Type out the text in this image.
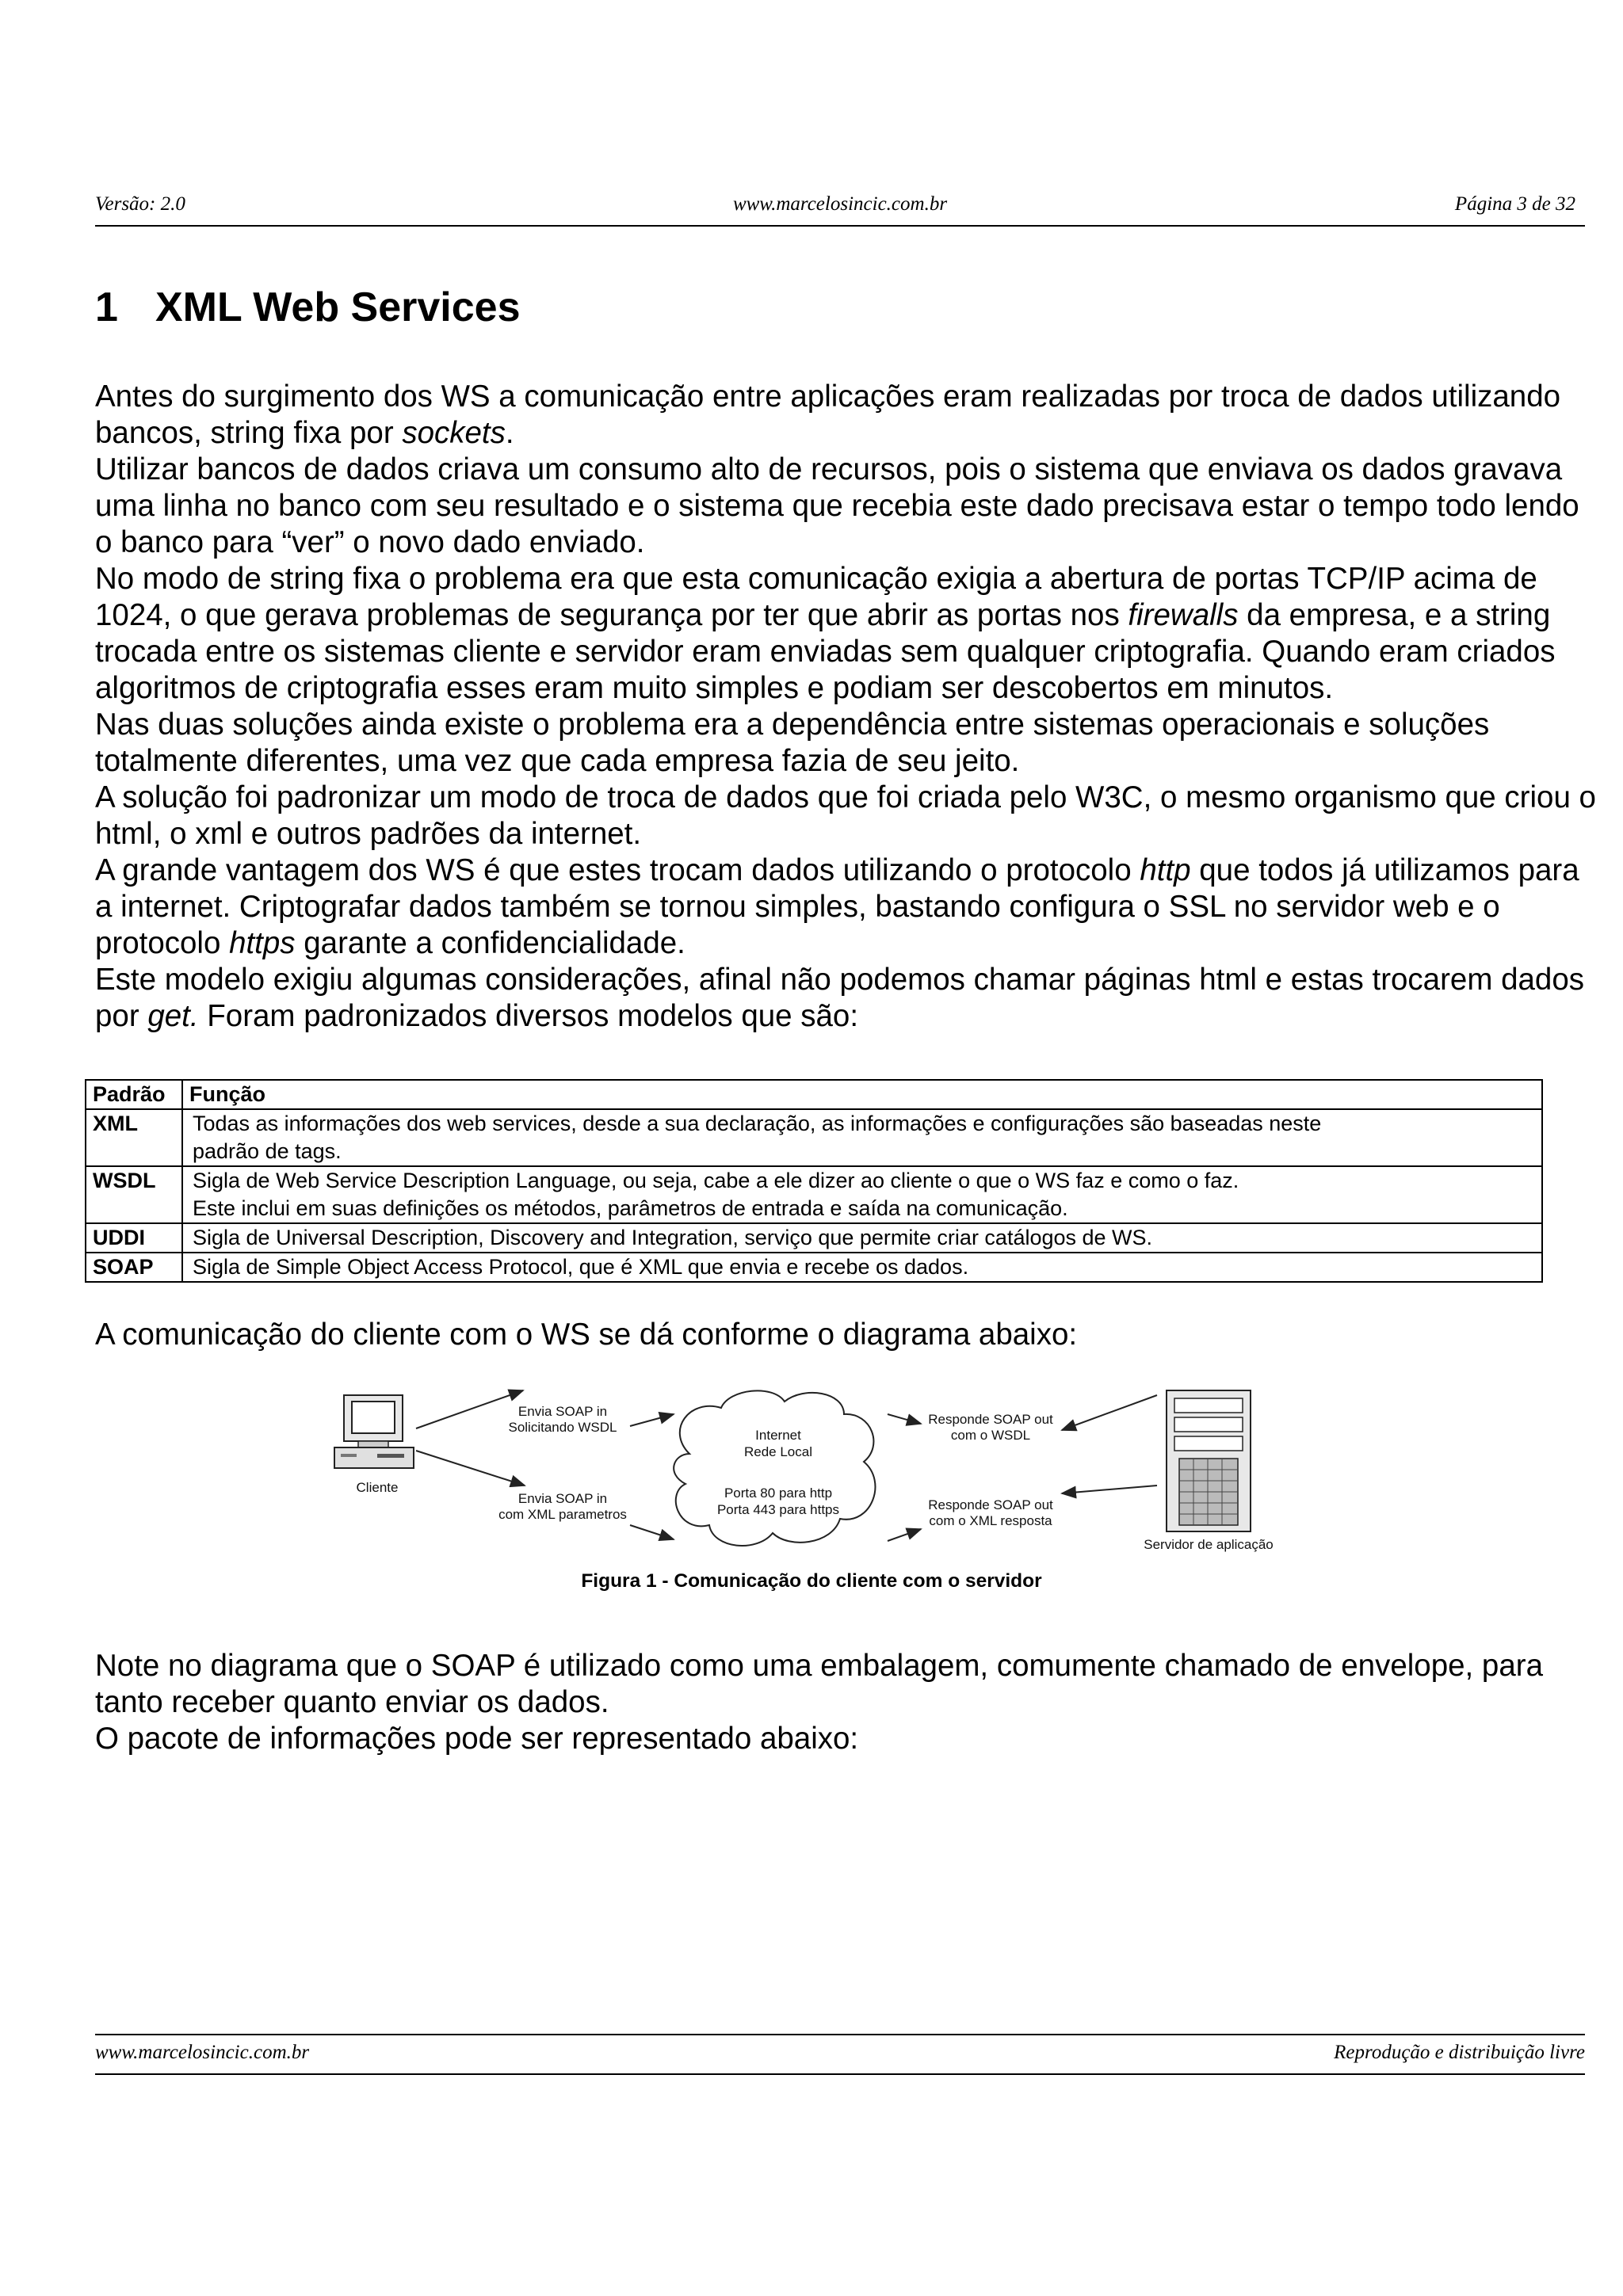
Versão: 2.0	www.marcelosincic.com.br	Página 3 de 32
1 XML Web Services

Antes do surgimento dos WS a comunicação entre aplicações eram realizadas por troca de dados utilizando bancos, string fixa por sockets.

Utilizar bancos de dados criava um consumo alto de recursos, pois o sistema que enviava os dados gravava uma linha no banco com seu resultado e o sistema que recebia este dado precisava estar o tempo todo lendo o banco para “ver” o novo dado enviado.

No modo de string fixa o problema era que esta comunicação exigia a abertura de portas TCP/IP acima de 1024, o que gerava problemas de segurança por ter que abrir as portas nos firewalls da empresa, e a string trocada entre os sistemas cliente e servidor eram enviadas sem qualquer criptografia. Quando eram criados algoritmos de criptografia esses eram muito simples e podiam ser descobertos em minutos.

Nas duas soluções ainda existe o problema era a dependência entre sistemas operacionais e soluções totalmente diferentes, uma vez que cada empresa fazia de seu jeito.

A solução foi padronizar um modo de troca de dados que foi criada pelo W3C, o mesmo organismo que criou o html, o xml e outros padrões da internet.

A grande vantagem dos WS é que estes trocam dados utilizando o protocolo http que todos já utilizamos para a internet. Criptografar dados também se tornou simples, bastando configura o SSL no servidor web e o protocolo https garante a confidencialidade.

Este modelo exigiu algumas considerações, afinal não podemos chamar páginas html e estas trocarem dados por get. Foram padronizados diversos modelos que são:

Padrão	Função
XML	Todas as informações dos web services, desde a sua declaração, as informações e configurações são baseadas neste
padrão de tags.

WSDL	Sigla de Web Service Description Language, ou seja, cabe a ele dizer ao cliente o que o WS faz e como o faz.
Este inclui em suas definições os métodos, parâmetros de entrada e saída na comunicação.

UDDI	Sigla de Universal Description, Discovery and Integration, serviço que permite criar catálogos de WS.

SOAP	Sigla de Simple Object Access Protocol, que é XML que envia e recebe os dados.

A comunicação do cliente com o WS se dá conforme o diagrama abaixo:

Cliente
Envia SOAP in
Solicitando WSDL
Envia SOAP in
com XML parametros
Internet
Rede Local
Porta 80 para http
Porta 443 para https
Responde SOAP out
com o WSDL
Responde SOAP out
com o XML resposta
Servidor de aplicação
Figura 1 - Comunicação do cliente com o servidor

Note no diagrama que o SOAP é utilizado como uma embalagem, comumente chamado de envelope, para tanto receber quanto enviar os dados.

O pacote de informações pode ser representado abaixo:

www.marcelosincic.com.br	Reprodução e distribuição livre
